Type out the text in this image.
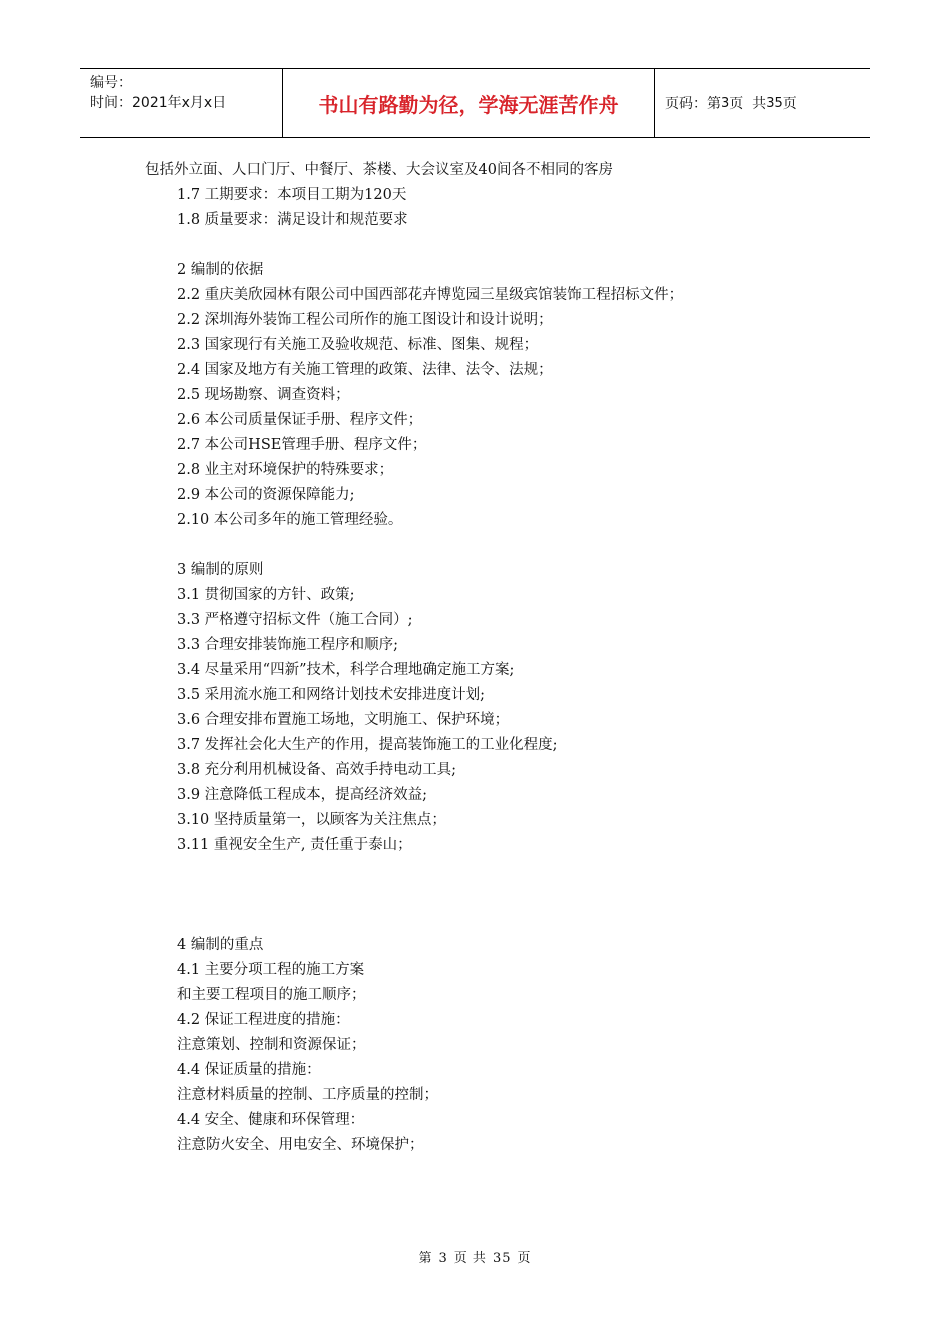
编号：
时间：2021年x月x日	书山有路勤为径，学海无涯苦作舟	页码：第 3 页  共 35 页
包括外立面、人口门厅、中餐厅、茶楼、大会议室及40间各不相同的客房
1.7 工期要求：本项目工期为120天
1.8 质量要求：满足设计和规范要求
2 编制的依据
2.2 重庆美欣园林有限公司中国西部花卉博览园三星级宾馆装饰工程招标文件；
2.2 深圳海外装饰工程公司所作的施工图设计和设计说明；
2.3 国家现行有关施工及验收规范、标准、图集、规程；
2.4 国家及地方有关施工管理的政策、法律、法令、法规；
2.5 现场勘察、调查资料；
2.6 本公司质量保证手册、程序文件；
2.7 本公司HSE管理手册、程序文件；
2.8 业主对环境保护的特殊要求；
2.9 本公司的资源保障能力;
2.10 本公司多年的施工管理经验。
3 编制的原则
3.1 贯彻国家的方针、政策;
3.3 严格遵守招标文件（施工合同）;
3.3 合理安排装饰施工程序和顺序;
3.4 尽量采用“四新”技术，科学合理地确定施工方案;
3.5 采用流水施工和网络计划技术安排进度计划;
3.6 合理安排布置施工场地，文明施工、保护环境；
3.7 发挥社会化大生产的作用，提高装饰施工的工业化程度;
3.8 充分利用机械设备、高效手持电动工具;
3.9 注意降低工程成本，提高经济效益;
3.10 坚持质量第一，以顾客为关注焦点；
3.11 重视安全生产, 责任重于泰山；
4 编制的重点
4.1 主要分项工程的施工方案
和主要工程项目的施工顺序；
4.2 保证工程进度的措施：
注意策划、控制和资源保证；
4.4 保证质量的措施：
注意材料质量的控制、工序质量的控制；
4.4 安全、健康和环保管理：
注意防火安全、用电安全、环境保护；
第 3 页 共 35 页
